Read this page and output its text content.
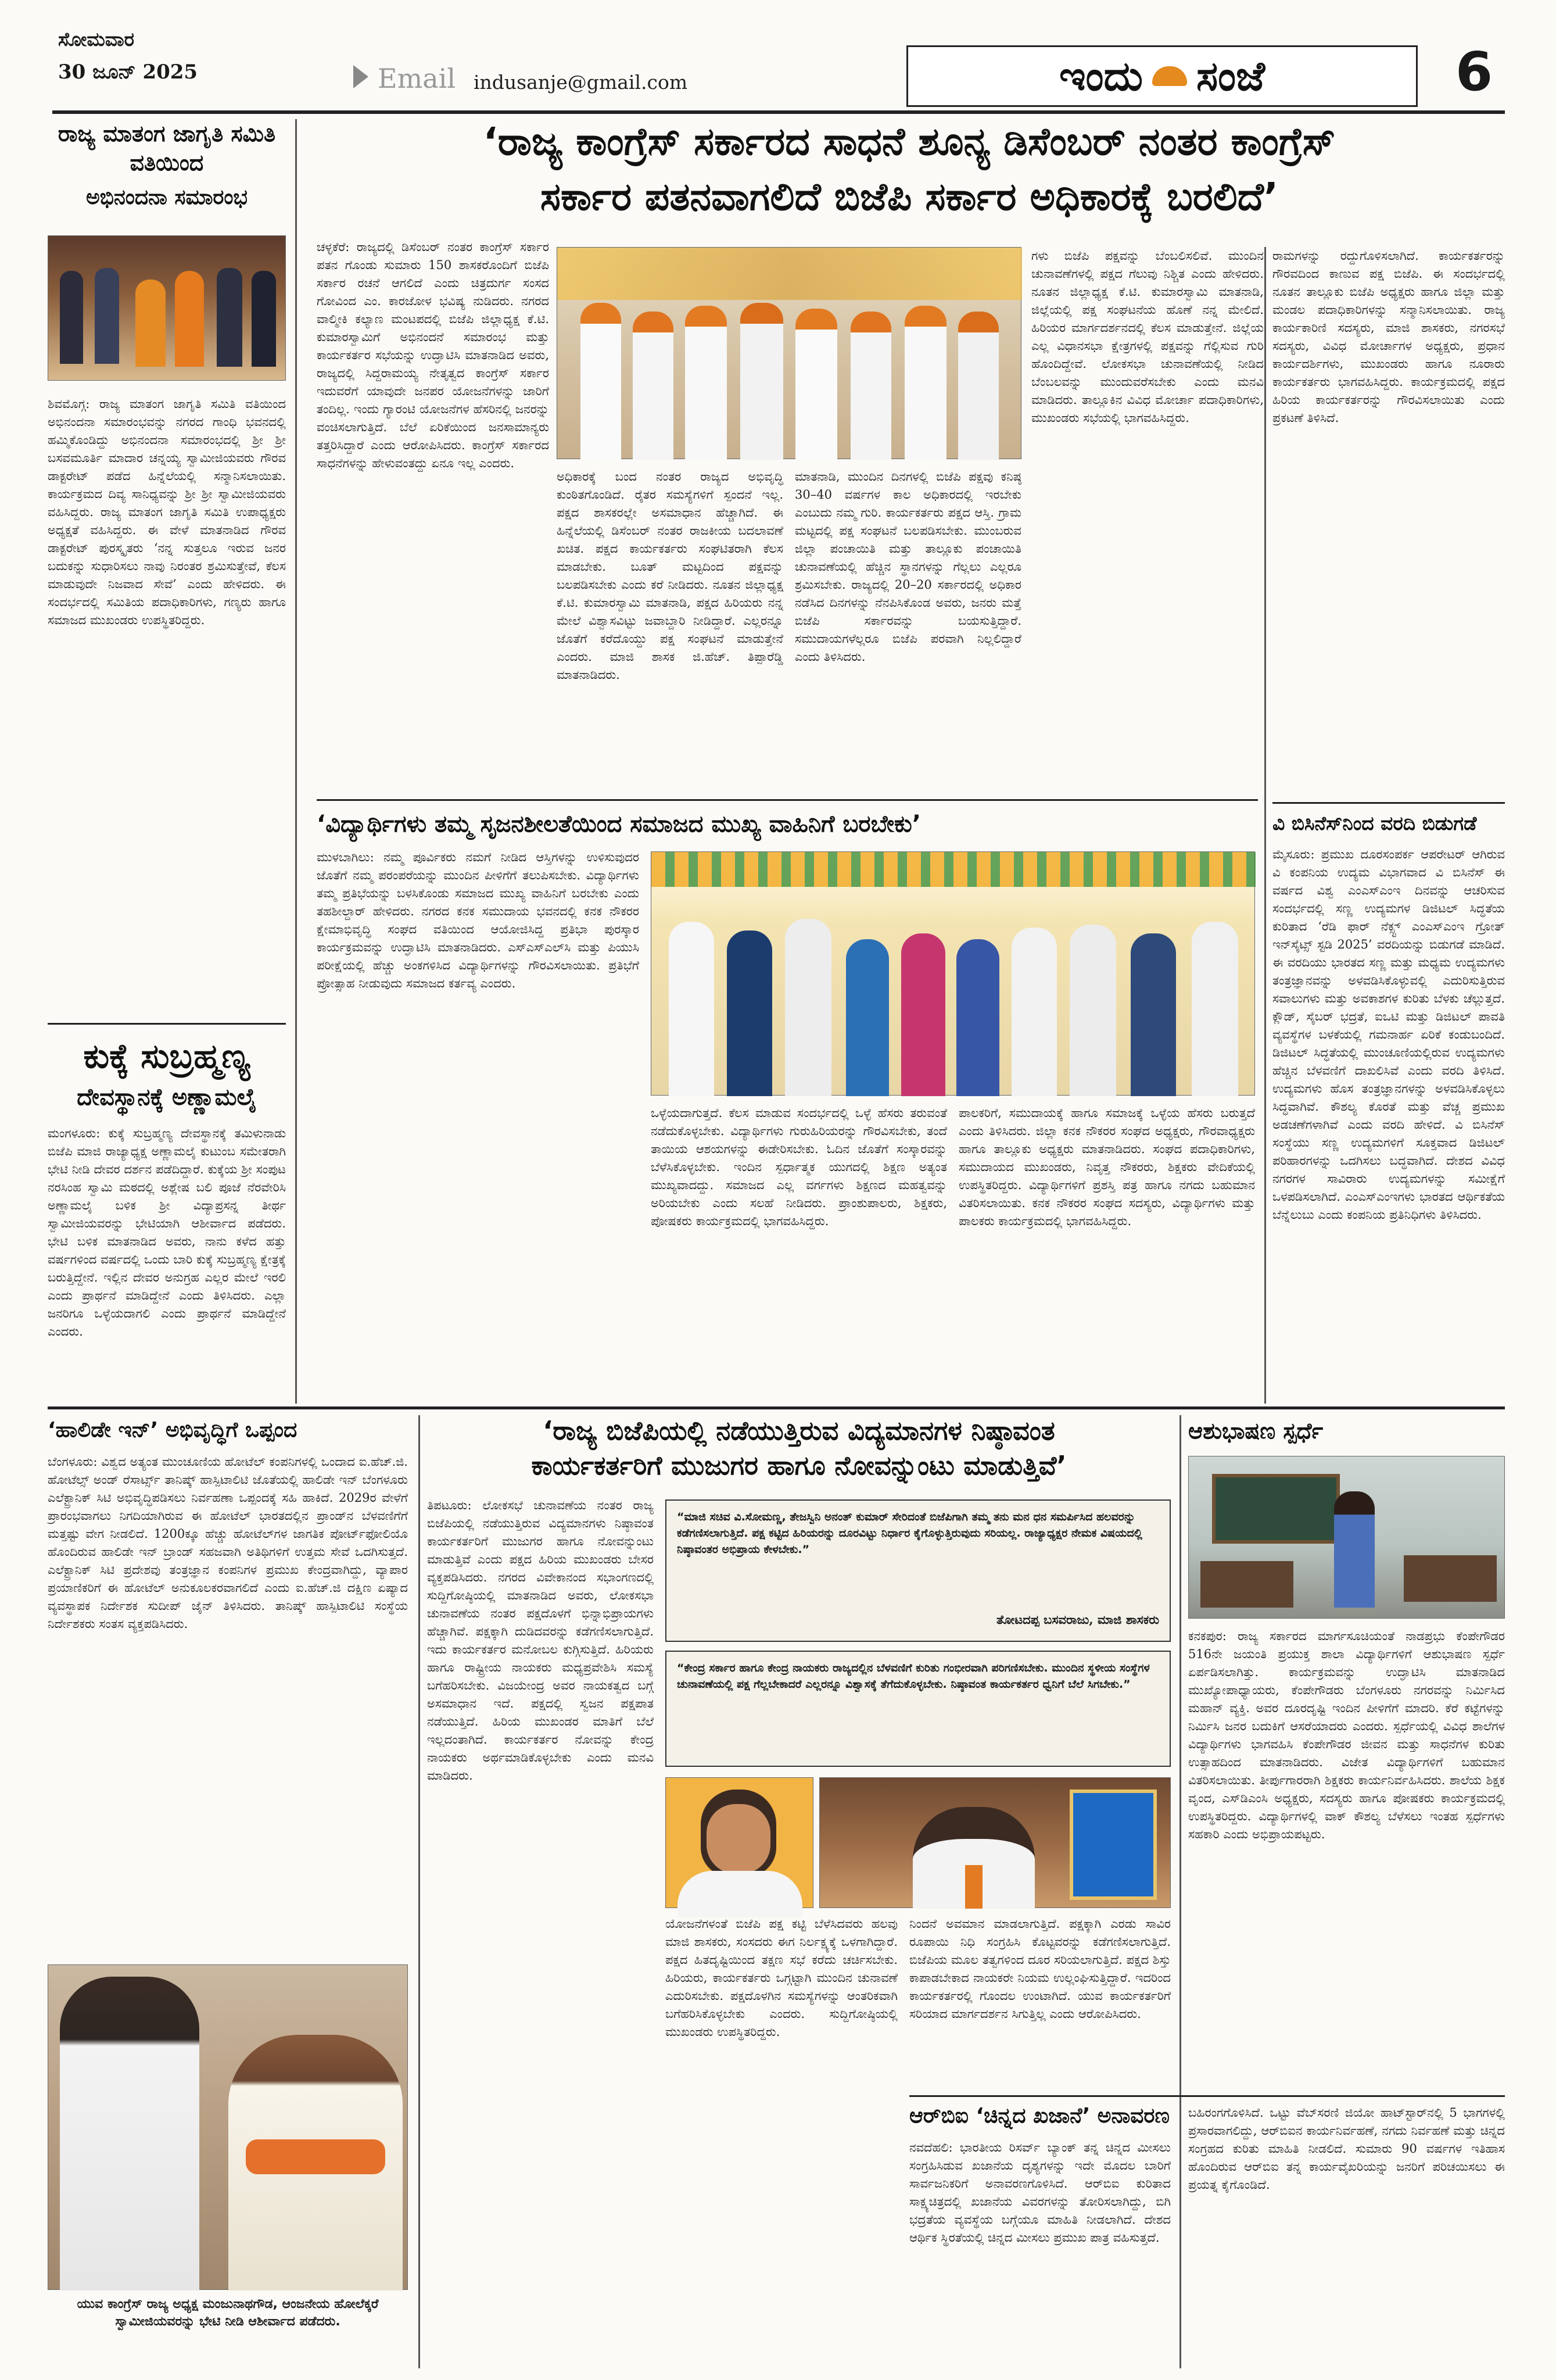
ಸೋಮವಾರ
30 ಜೂನ್ 2025	Email indusanje@gmail.com	ಇಂದು ಸಂಜೆ	6
ರಾಜ್ಯ ಮಾತಂಗ ಜಾಗೃತಿ ಸಮಿತಿ ವತಿಯಿಂದ
ಅಭಿನಂದನಾ ಸಮಾರಂಭ
ಶಿವಮೊಗ್ಗ: ರಾಜ್ಯ ಮಾತಂಗ ಜಾಗೃತಿ ಸಮಿತಿ ವತಿಯಿಂದ ಅಭಿನಂದನಾ ಸಮಾರಂಭವನ್ನು ನಗರದ ಗಾಂಧಿ ಭವನದಲ್ಲಿ ಹಮ್ಮಿಕೊಂಡಿದ್ದು ಅಭಿನಂದನಾ ಸಮಾರಂಭದಲ್ಲಿ ಶ್ರೀ ಶ್ರೀ ಬಸವಮೂರ್ತಿ ಮಾದಾರ ಚನ್ನಯ್ಯ ಸ್ವಾಮೀಜಿಯವರು ಗೌರವ ಡಾಕ್ಟರೇಟ್ ಪಡೆದ ಹಿನ್ನೆಲೆಯಲ್ಲಿ ಸನ್ಮಾನಿಸಲಾಯಿತು. ಕಾರ್ಯಕ್ರಮದ ದಿವ್ಯ ಸಾನಿಧ್ಯವನ್ನು ಶ್ರೀ ಶ್ರೀ ಸ್ವಾಮೀಜಿಯವರು ವಹಿಸಿದ್ದರು. ರಾಜ್ಯ ಮಾತಂಗ ಜಾಗೃತಿ ಸಮಿತಿ ಉಪಾಧ್ಯಕ್ಷರು ಅಧ್ಯಕ್ಷತೆ ವಹಿಸಿದ್ದರು. ಈ ವೇಳೆ ಮಾತನಾಡಿದ ಗೌರವ ಡಾಕ್ಟರೇಟ್ ಪುರಸ್ಕೃತರು ‘ನನ್ನ ಸುತ್ತಲೂ ಇರುವ ಜನರ ಬದುಕನ್ನು ಸುಧಾರಿಸಲು ನಾವು ನಿರಂತರ ಶ್ರಮಿಸುತ್ತೇವೆ, ಕೆಲಸ ಮಾಡುವುದೇ ನಿಜವಾದ ಸೇವೆ’ ಎಂದು ಹೇಳಿದರು. ಈ ಸಂದರ್ಭದಲ್ಲಿ ಸಮಿತಿಯ ಪದಾಧಿಕಾರಿಗಳು, ಗಣ್ಯರು ಹಾಗೂ ಸಮಾಜದ ಮುಖಂಡರು ಉಪಸ್ಥಿತರಿದ್ದರು.
ಕುಕ್ಕೆ ಸುಬ್ರಹ್ಮಣ್ಯ
ದೇವಸ್ಥಾನಕ್ಕೆ ಅಣ್ಣಾಮಲೈ
ಮಂಗಳೂರು: ಕುಕ್ಕೆ ಸುಬ್ರಹ್ಮಣ್ಯ ದೇವಸ್ಥಾನಕ್ಕೆ ತಮಿಳುನಾಡು ಬಿಜೆಪಿ ಮಾಜಿ ರಾಜ್ಯಾಧ್ಯಕ್ಷ ಅಣ್ಣಾಮಲೈ ಕುಟುಂಬ ಸಮೇತರಾಗಿ ಭೇಟಿ ನೀಡಿ ದೇವರ ದರ್ಶನ ಪಡೆದಿದ್ದಾರೆ. ಕುಕ್ಕೆಯ ಶ್ರೀ ಸಂಪುಟ ನರಸಿಂಹ ಸ್ವಾಮಿ ಮಠದಲ್ಲಿ ಅಶ್ಲೇಷ ಬಲಿ ಪೂಜೆ ನೆರವೇರಿಸಿ ಅಣ್ಣಾಮಲೈ ಬಳಿಕ ಶ್ರೀ ವಿದ್ಯಾಪ್ರಸನ್ನ ತೀರ್ಥ ಸ್ವಾಮೀಜಿಯವರನ್ನು ಭೇಟಿಯಾಗಿ ಆಶೀರ್ವಾದ ಪಡೆದರು. ಭೇಟಿ ಬಳಿಕ ಮಾತನಾಡಿದ ಅವರು, ನಾನು ಕಳೆದ ಹತ್ತು ವರ್ಷಗಳಿಂದ ವರ್ಷದಲ್ಲಿ ಒಂದು ಬಾರಿ ಕುಕ್ಕೆ ಸುಬ್ರಹ್ಮಣ್ಯ ಕ್ಷೇತ್ರಕ್ಕೆ ಬರುತ್ತಿದ್ದೇನೆ. ಇಲ್ಲಿನ ದೇವರ ಅನುಗ್ರಹ ಎಲ್ಲರ ಮೇಲೆ ಇರಲಿ ಎಂದು ಪ್ರಾರ್ಥನೆ ಮಾಡಿದ್ದೇನೆ ಎಂದು ತಿಳಿಸಿದರು. ಎಲ್ಲಾ ಜನರಿಗೂ ಒಳ್ಳೆಯದಾಗಲಿ ಎಂದು ಪ್ರಾರ್ಥನೆ ಮಾಡಿದ್ದೇನೆ ಎಂದರು.
‘ರಾಜ್ಯ ಕಾಂಗ್ರೆಸ್ ಸರ್ಕಾರದ ಸಾಧನೆ ಶೂನ್ಯ ಡಿಸೆಂಬರ್ ನಂತರ ಕಾಂಗ್ರೆಸ್
ಸರ್ಕಾರ ಪತನವಾಗಲಿದೆ ಬಿಜೆಪಿ ಸರ್ಕಾರ ಅಧಿಕಾರಕ್ಕೆ ಬರಲಿದೆ’
ಚಳ್ಳಕೆರೆ: ರಾಜ್ಯದಲ್ಲಿ ಡಿಸೆಂಬರ್ ನಂತರ ಕಾಂಗ್ರೆಸ್ ಸರ್ಕಾರ ಪತನ ಗೊಂಡು ಸುಮಾರು 150 ಶಾಸಕರೊಂದಿಗೆ ಬಿಜೆಪಿ ಸರ್ಕಾರ ರಚನೆ ಆಗಲಿದೆ ಎಂದು ಚಿತ್ರದುರ್ಗ ಸಂಸದ ಗೋವಿಂದ ಎಂ. ಕಾರಜೋಳ ಭವಿಷ್ಯ ನುಡಿದರು. ನಗರದ ವಾಲ್ಮೀಕಿ ಕಲ್ಯಾಣ ಮಂಟಪದಲ್ಲಿ ಬಿಜೆಪಿ ಜಿಲ್ಲಾಧ್ಯಕ್ಷ ಕೆ.ಟಿ. ಕುಮಾರಸ್ವಾಮಿಗೆ ಅಭಿನಂದನೆ ಸಮಾರಂಭ ಮತ್ತು ಕಾರ್ಯಕರ್ತರ ಸಭೆಯನ್ನು ಉದ್ಘಾಟಿಸಿ ಮಾತನಾಡಿದ ಅವರು, ರಾಜ್ಯದಲ್ಲಿ ಸಿದ್ದರಾಮಯ್ಯ ನೇತೃತ್ವದ ಕಾಂಗ್ರೆಸ್ ಸರ್ಕಾರ ಇದುವರೆಗೆ ಯಾವುದೇ ಜನಪರ ಯೋಜನೆಗಳನ್ನು ಜಾರಿಗೆ ತಂದಿಲ್ಲ. ಇಂದು ಗ್ಯಾರಂಟಿ ಯೋಜನೆಗಳ ಹೆಸರಿನಲ್ಲಿ ಜನರನ್ನು ವಂಚಿಸಲಾಗುತ್ತಿದೆ. ಬೆಲೆ ಏರಿಕೆಯಿಂದ ಜನಸಾಮಾನ್ಯರು ತತ್ತರಿಸಿದ್ದಾರೆ ಎಂದು ಆರೋಪಿಸಿದರು. ಕಾಂಗ್ರೆಸ್ ಸರ್ಕಾರದ ಸಾಧನೆಗಳನ್ನು ಹೇಳುವಂತದ್ದು ಏನೂ ಇಲ್ಲ ಎಂದರು.
ಅಧಿಕಾರಕ್ಕೆ ಬಂದ ನಂತರ ರಾಜ್ಯದ ಅಭಿವೃದ್ಧಿ ಕುಂಠಿತಗೊಂಡಿದೆ. ರೈತರ ಸಮಸ್ಯೆಗಳಿಗೆ ಸ್ಪಂದನೆ ಇಲ್ಲ. ಪಕ್ಷದ ಶಾಸಕರಲ್ಲೇ ಅಸಮಾಧಾನ ಹೆಚ್ಚಾಗಿದೆ. ಈ ಹಿನ್ನೆಲೆಯಲ್ಲಿ ಡಿಸೆಂಬರ್ ನಂತರ ರಾಜಕೀಯ ಬದಲಾವಣೆ ಖಚಿತ. ಪಕ್ಷದ ಕಾರ್ಯಕರ್ತರು ಸಂಘಟಿತರಾಗಿ ಕೆಲಸ ಮಾಡಬೇಕು. ಬೂತ್ ಮಟ್ಟದಿಂದ ಪಕ್ಷವನ್ನು ಬಲಪಡಿಸಬೇಕು ಎಂದು ಕರೆ ನೀಡಿದರು. ನೂತನ ಜಿಲ್ಲಾಧ್ಯಕ್ಷ ಕೆ.ಟಿ. ಕುಮಾರಸ್ವಾಮಿ ಮಾತನಾಡಿ, ಪಕ್ಷದ ಹಿರಿಯರು ನನ್ನ ಮೇಲೆ ವಿಶ್ವಾಸವಿಟ್ಟು ಜವಾಬ್ದಾರಿ ನೀಡಿದ್ದಾರೆ. ಎಲ್ಲರನ್ನೂ ಜೊತೆಗೆ ಕರೆದೊಯ್ದು ಪಕ್ಷ ಸಂಘಟನೆ ಮಾಡುತ್ತೇನೆ ಎಂದರು. ಮಾಜಿ ಶಾಸಕ ಜಿ.ಹೆಚ್. ತಿಪ್ಪಾರೆಡ್ಡಿ ಮಾತನಾಡಿದರು.
ಮಾತನಾಡಿ, ಮುಂದಿನ ದಿನಗಳಲ್ಲಿ ಬಿಜೆಪಿ ಪಕ್ಷವು ಕನಿಷ್ಠ 30–40 ವರ್ಷಗಳ ಕಾಲ ಅಧಿಕಾರದಲ್ಲಿ ಇರಬೇಕು ಎಂಬುದು ನಮ್ಮ ಗುರಿ. ಕಾರ್ಯಕರ್ತರು ಪಕ್ಷದ ಆಸ್ತಿ. ಗ್ರಾಮ ಮಟ್ಟದಲ್ಲಿ ಪಕ್ಷ ಸಂಘಟನೆ ಬಲಪಡಿಸಬೇಕು. ಮುಂಬರುವ ಜಿಲ್ಲಾ ಪಂಚಾಯಿತಿ ಮತ್ತು ತಾಲ್ಲೂಕು ಪಂಚಾಯಿತಿ ಚುನಾವಣೆಯಲ್ಲಿ ಹೆಚ್ಚಿನ ಸ್ಥಾನಗಳನ್ನು ಗೆಲ್ಲಲು ಎಲ್ಲರೂ ಶ್ರಮಿಸಬೇಕು. ರಾಜ್ಯದಲ್ಲಿ 20–20 ಸರ್ಕಾರದಲ್ಲಿ ಅಧಿಕಾರ ನಡೆಸಿದ ದಿನಗಳನ್ನು ನೆನಪಿಸಿಕೊಂಡ ಅವರು, ಜನರು ಮತ್ತೆ ಬಿಜೆಪಿ ಸರ್ಕಾರವನ್ನು ಬಯಸುತ್ತಿದ್ದಾರೆ. ಸಮುದಾಯಗಳೆಲ್ಲರೂ ಬಿಜೆಪಿ ಪರವಾಗಿ ನಿಲ್ಲಲಿದ್ದಾರೆ ಎಂದು ತಿಳಿಸಿದರು.
ಗಳು ಬಿಜೆಪಿ ಪಕ್ಷವನ್ನು ಬೆಂಬಲಿಸಲಿವೆ. ಮುಂದಿನ ಚುನಾವಣೆಗಳಲ್ಲಿ ಪಕ್ಷದ ಗೆಲುವು ನಿಶ್ಚಿತ ಎಂದು ಹೇಳಿದರು. ನೂತನ ಜಿಲ್ಲಾಧ್ಯಕ್ಷ ಕೆ.ಟಿ. ಕುಮಾರಸ್ವಾಮಿ ಮಾತನಾಡಿ, ಜಿಲ್ಲೆಯಲ್ಲಿ ಪಕ್ಷ ಸಂಘಟನೆಯ ಹೊಣೆ ನನ್ನ ಮೇಲಿದೆ. ಹಿರಿಯರ ಮಾರ್ಗದರ್ಶನದಲ್ಲಿ ಕೆಲಸ ಮಾಡುತ್ತೇನೆ. ಜಿಲ್ಲೆಯ ಎಲ್ಲ ವಿಧಾನಸಭಾ ಕ್ಷೇತ್ರಗಳಲ್ಲಿ ಪಕ್ಷವನ್ನು ಗೆಲ್ಲಿಸುವ ಗುರಿ ಹೊಂದಿದ್ದೇವೆ. ಲೋಕಸಭಾ ಚುನಾವಣೆಯಲ್ಲಿ ನೀಡಿದ ಬೆಂಬಲವನ್ನು ಮುಂದುವರೆಸಬೇಕು ಎಂದು ಮನವಿ ಮಾಡಿದರು. ತಾಲ್ಲೂಕಿನ ವಿವಿಧ ಮೋರ್ಚಾ ಪದಾಧಿಕಾರಿಗಳು, ಮುಖಂಡರು ಸಭೆಯಲ್ಲಿ ಭಾಗವಹಿಸಿದ್ದರು.
ರಾಮಗಳನ್ನು ರದ್ದುಗೊಳಿಸಲಾಗಿದೆ. ಕಾರ್ಯಕರ್ತರನ್ನು ಗೌರವದಿಂದ ಕಾಣುವ ಪಕ್ಷ ಬಿಜೆಪಿ. ಈ ಸಂದರ್ಭದಲ್ಲಿ ನೂತನ ತಾಲ್ಲೂಕು ಬಿಜೆಪಿ ಅಧ್ಯಕ್ಷರು ಹಾಗೂ ಜಿಲ್ಲಾ ಮತ್ತು ಮಂಡಲ ಪದಾಧಿಕಾರಿಗಳನ್ನು ಸನ್ಮಾನಿಸಲಾಯಿತು. ರಾಜ್ಯ ಕಾರ್ಯಕಾರಿಣಿ ಸದಸ್ಯರು, ಮಾಜಿ ಶಾಸಕರು, ನಗರಸಭೆ ಸದಸ್ಯರು, ವಿವಿಧ ಮೋರ್ಚಾಗಳ ಅಧ್ಯಕ್ಷರು, ಪ್ರಧಾನ ಕಾರ್ಯದರ್ಶಿಗಳು, ಮುಖಂಡರು ಹಾಗೂ ನೂರಾರು ಕಾರ್ಯಕರ್ತರು ಭಾಗವಹಿಸಿದ್ದರು. ಕಾರ್ಯಕ್ರಮದಲ್ಲಿ ಪಕ್ಷದ ಹಿರಿಯ ಕಾರ್ಯಕರ್ತರನ್ನು ಗೌರವಿಸಲಾಯಿತು ಎಂದು ಪ್ರಕಟಣೆ ತಿಳಿಸಿದೆ.
‘ವಿದ್ಯಾರ್ಥಿಗಳು ತಮ್ಮ ಸೃಜನಶೀಲತೆಯಿಂದ ಸಮಾಜದ ಮುಖ್ಯ ವಾಹಿನಿಗೆ ಬರಬೇಕು’
ಮುಳಬಾಗಿಲು: ನಮ್ಮ ಪೂರ್ವಿಕರು ನಮಗೆ ನೀಡಿದ ಆಸ್ತಿಗಳನ್ನು ಉಳಿಸುವುದರ ಜೊತೆಗೆ ನಮ್ಮ ಪರಂಪರೆಯನ್ನು ಮುಂದಿನ ಪೀಳಿಗೆಗೆ ತಲುಪಿಸಬೇಕು. ವಿದ್ಯಾರ್ಥಿಗಳು ತಮ್ಮ ಪ್ರತಿಭೆಯನ್ನು ಬಳಸಿಕೊಂಡು ಸಮಾಜದ ಮುಖ್ಯ ವಾಹಿನಿಗೆ ಬರಬೇಕು ಎಂದು ತಹಶೀಲ್ದಾರ್ ಹೇಳಿದರು. ನಗರದ ಕನಕ ಸಮುದಾಯ ಭವನದಲ್ಲಿ ಕನಕ ನೌಕರರ ಕ್ಷೇಮಾಭಿವೃದ್ಧಿ ಸಂಘದ ವತಿಯಿಂದ ಆಯೋಜಿಸಿದ್ದ ಪ್ರತಿಭಾ ಪುರಸ್ಕಾರ ಕಾರ್ಯಕ್ರಮವನ್ನು ಉದ್ಘಾಟಿಸಿ ಮಾತನಾಡಿದರು. ಎಸ್‌ಎಸ್‌ಎಲ್‌ಸಿ ಮತ್ತು ಪಿಯುಸಿ ಪರೀಕ್ಷೆಯಲ್ಲಿ ಹೆಚ್ಚು ಅಂಕಗಳಿಸಿದ ವಿದ್ಯಾರ್ಥಿಗಳನ್ನು ಗೌರವಿಸಲಾಯಿತು. ಪ್ರತಿಭೆಗೆ ಪ್ರೋತ್ಸಾಹ ನೀಡುವುದು ಸಮಾಜದ ಕರ್ತವ್ಯ ಎಂದರು.
ಒಳ್ಳೆಯದಾಗುತ್ತದೆ. ಕೆಲಸ ಮಾಡುವ ಸಂದರ್ಭದಲ್ಲಿ ಒಳ್ಳೆ ಹೆಸರು ತರುವಂತೆ ನಡೆದುಕೊಳ್ಳಬೇಕು. ವಿದ್ಯಾರ್ಥಿಗಳು ಗುರುಹಿರಿಯರನ್ನು ಗೌರವಿಸಬೇಕು, ತಂದೆ ತಾಯಿಯ ಆಶಯಗಳನ್ನು ಈಡೇರಿಸಬೇಕು. ಓದಿನ ಜೊತೆಗೆ ಸಂಸ್ಕಾರವನ್ನು ಬೆಳೆಸಿಕೊಳ್ಳಬೇಕು. ಇಂದಿನ ಸ್ಪರ್ಧಾತ್ಮಕ ಯುಗದಲ್ಲಿ ಶಿಕ್ಷಣ ಅತ್ಯಂತ ಮುಖ್ಯವಾದದ್ದು. ಸಮಾಜದ ಎಲ್ಲ ವರ್ಗಗಳು ಶಿಕ್ಷಣದ ಮಹತ್ವವನ್ನು ಅರಿಯಬೇಕು ಎಂದು ಸಲಹೆ ನೀಡಿದರು. ಪ್ರಾಂಶುಪಾಲರು, ಶಿಕ್ಷಕರು, ಪೋಷಕರು ಕಾರ್ಯಕ್ರಮದಲ್ಲಿ ಭಾಗವಹಿಸಿದ್ದರು.
ಪಾಲಕರಿಗೆ, ಸಮುದಾಯಕ್ಕೆ ಹಾಗೂ ಸಮಾಜಕ್ಕೆ ಒಳ್ಳೆಯ ಹೆಸರು ಬರುತ್ತದೆ ಎಂದು ತಿಳಿಸಿದರು. ಜಿಲ್ಲಾ ಕನಕ ನೌಕರರ ಸಂಘದ ಅಧ್ಯಕ್ಷರು, ಗೌರವಾಧ್ಯಕ್ಷರು ಹಾಗೂ ತಾಲ್ಲೂಕು ಅಧ್ಯಕ್ಷರು ಮಾತನಾಡಿದರು. ಸಂಘದ ಪದಾಧಿಕಾರಿಗಳು, ಸಮುದಾಯದ ಮುಖಂಡರು, ನಿವೃತ್ತ ನೌಕರರು, ಶಿಕ್ಷಕರು ವೇದಿಕೆಯಲ್ಲಿ ಉಪಸ್ಥಿತರಿದ್ದರು. ವಿದ್ಯಾರ್ಥಿಗಳಿಗೆ ಪ್ರಶಸ್ತಿ ಪತ್ರ ಹಾಗೂ ನಗದು ಬಹುಮಾನ ವಿತರಿಸಲಾಯಿತು. ಕನಕ ನೌಕರರ ಸಂಘದ ಸದಸ್ಯರು, ವಿದ್ಯಾರ್ಥಿಗಳು ಮತ್ತು ಪಾಲಕರು ಕಾರ್ಯಕ್ರಮದಲ್ಲಿ ಭಾಗವಹಿಸಿದ್ದರು.
ವಿ ಬಿಸಿನೆಸ್‌ನಿಂದ ವರದಿ ಬಿಡುಗಡೆ
ಮೈಸೂರು: ಪ್ರಮುಖ ದೂರಸಂಪರ್ಕ ಆಪರೇಟರ್ ಆಗಿರುವ ವಿ ಕಂಪನಿಯ ಉದ್ಯಮ ವಿಭಾಗವಾದ ವಿ ಬಿಸಿನೆಸ್ ಈ ವರ್ಷದ ವಿಶ್ವ ಎಂಎಸ್‌ಎಂಇ ದಿನವನ್ನು ಆಚರಿಸುವ ಸಂದರ್ಭದಲ್ಲಿ ಸಣ್ಣ ಉದ್ಯಮಗಳ ಡಿಜಿಟಲ್ ಸಿದ್ಧತೆಯ ಕುರಿತಾದ ‘ರೆಡಿ ಫಾರ್ ನೆಕ್ಸ್ಟ್ ಎಂಎಸ್‌ಎಂಇ ಗ್ರೋತ್ ಇನ್‌ಸೈಟ್ಸ್ ಸ್ಟಡಿ 2025’ ವರದಿಯನ್ನು ಬಿಡುಗಡೆ ಮಾಡಿದೆ. ಈ ವರದಿಯು ಭಾರತದ ಸಣ್ಣ ಮತ್ತು ಮಧ್ಯಮ ಉದ್ಯಮಗಳು ತಂತ್ರಜ್ಞಾನವನ್ನು ಅಳವಡಿಸಿಕೊಳ್ಳುವಲ್ಲಿ ಎದುರಿಸುತ್ತಿರುವ ಸವಾಲುಗಳು ಮತ್ತು ಅವಕಾಶಗಳ ಕುರಿತು ಬೆಳಕು ಚೆಲ್ಲುತ್ತದೆ. ಕ್ಲೌಡ್, ಸೈಬರ್ ಭದ್ರತೆ, ಐಒಟಿ ಮತ್ತು ಡಿಜಿಟಲ್ ಪಾವತಿ ವ್ಯವಸ್ಥೆಗಳ ಬಳಕೆಯಲ್ಲಿ ಗಮನಾರ್ಹ ಏರಿಕೆ ಕಂಡುಬಂದಿದೆ. ಡಿಜಿಟಲ್ ಸಿದ್ಧತೆಯಲ್ಲಿ ಮುಂಚೂಣಿಯಲ್ಲಿರುವ ಉದ್ಯಮಗಳು ಹೆಚ್ಚಿನ ಬೆಳವಣಿಗೆ ದಾಖಲಿಸಿವೆ ಎಂದು ವರದಿ ತಿಳಿಸಿದೆ. ಉದ್ಯಮಗಳು ಹೊಸ ತಂತ್ರಜ್ಞಾನಗಳನ್ನು ಅಳವಡಿಸಿಕೊಳ್ಳಲು ಸಿದ್ಧವಾಗಿವೆ. ಕೌಶಲ್ಯ ಕೊರತೆ ಮತ್ತು ವೆಚ್ಚ ಪ್ರಮುಖ ಅಡಚಣೆಗಳಾಗಿವೆ ಎಂದು ವರದಿ ಹೇಳಿದೆ. ವಿ ಬಿಸಿನೆಸ್ ಸಂಸ್ಥೆಯು ಸಣ್ಣ ಉದ್ಯಮಗಳಿಗೆ ಸೂಕ್ತವಾದ ಡಿಜಿಟಲ್ ಪರಿಹಾರಗಳನ್ನು ಒದಗಿಸಲು ಬದ್ಧವಾಗಿದೆ. ದೇಶದ ವಿವಿಧ ನಗರಗಳ ಸಾವಿರಾರು ಉದ್ಯಮಗಳನ್ನು ಸಮೀಕ್ಷೆಗೆ ಒಳಪಡಿಸಲಾಗಿದೆ. ಎಂಎಸ್‌ಎಂಇಗಳು ಭಾರತದ ಆರ್ಥಿಕತೆಯ ಬೆನ್ನೆಲುಬು ಎಂದು ಕಂಪನಿಯ ಪ್ರತಿನಿಧಿಗಳು ತಿಳಿಸಿದರು.
‘ಹಾಲಿಡೇ ಇನ್’ ಅಭಿವೃದ್ಧಿಗೆ ಒಪ್ಪಂದ
ಬೆಂಗಳೂರು: ವಿಶ್ವದ ಅತ್ಯಂತ ಮುಂಚೂಣಿಯ ಹೋಟೆಲ್ ಕಂಪನಿಗಳಲ್ಲಿ ಒಂದಾದ ಐ.ಹೆಚ್.ಜಿ. ಹೋಟೆಲ್ಸ್ ಅಂಡ್ ರೆಸಾರ್ಟ್ಸ್ ತಾನಿಷ್ಕ್ ಹಾಸ್ಪಿಟಾಲಿಟಿ ಜೊತೆಯಲ್ಲಿ ಹಾಲಿಡೇ ಇನ್ ಬೆಂಗಳೂರು ಎಲೆಕ್ಟ್ರಾನಿಕ್ ಸಿಟಿ ಅಭಿವೃದ್ಧಿಪಡಿಸಲು ನಿರ್ವಹಣಾ ಒಪ್ಪಂದಕ್ಕೆ ಸಹಿ ಹಾಕಿದೆ. 2029ರ ವೇಳೆಗೆ ಪ್ರಾರಂಭವಾಗಲು ನಿಗದಿಯಾಗಿರುವ ಈ ಹೋಟೆಲ್ ಭಾರತದಲ್ಲಿನ ಪ್ರಾಂಡ್‌ನ ಬೆಳವಣಿಗೆಗೆ ಮತ್ತಷ್ಟು ವೇಗ ನೀಡಲಿದೆ. 1200ಕ್ಕೂ ಹೆಚ್ಚು ಹೋಟೆಲ್‌ಗಳ ಜಾಗತಿಕ ಪೋರ್ಟ್‌ಫೋಲಿಯೊ ಹೊಂದಿರುವ ಹಾಲಿಡೇ ಇನ್ ಬ್ರಾಂಡ್ ಸಹಜವಾಗಿ ಅತಿಥಿಗಳಿಗೆ ಉತ್ತಮ ಸೇವೆ ಒದಗಿಸುತ್ತದೆ. ಎಲೆಕ್ಟ್ರಾನಿಕ್ ಸಿಟಿ ಪ್ರದೇಶವು ತಂತ್ರಜ್ಞಾನ ಕಂಪನಿಗಳ ಪ್ರಮುಖ ಕೇಂದ್ರವಾಗಿದ್ದು, ವ್ಯಾಪಾರ ಪ್ರಯಾಣಿಕರಿಗೆ ಈ ಹೋಟೆಲ್ ಅನುಕೂಲಕರವಾಗಲಿದೆ ಎಂದು ಐ.ಹೆಚ್.ಜಿ ದಕ್ಷಿಣ ಏಷ್ಯಾದ ವ್ಯವಸ್ಥಾಪಕ ನಿರ್ದೇಶಕ ಸುದೀಪ್ ಜೈನ್ ತಿಳಿಸಿದರು. ತಾನಿಷ್ಕ್ ಹಾಸ್ಪಿಟಾಲಿಟಿ ಸಂಸ್ಥೆಯ ನಿರ್ದೇಶಕರು ಸಂತಸ ವ್ಯಕ್ತಪಡಿಸಿದರು.
ಯುವ ಕಾಂಗ್ರೆಸ್ ರಾಜ್ಯ ಅಧ್ಯಕ್ಷ ಮಂಜುನಾಥಗೌಡ, ಆಂಜನೇಯ ಹೋಲೆಕ್ಕರೆ ಸ್ವಾಮೀಜಿಯವರನ್ನು ಭೇಟಿ ನೀಡಿ ಆಶೀರ್ವಾದ ಪಡೆದರು.
‘ರಾಜ್ಯ ಬಿಜೆಪಿಯಲ್ಲಿ ನಡೆಯುತ್ತಿರುವ ವಿದ್ಯಮಾನಗಳ ನಿಷ್ಠಾವಂತ
ಕಾರ್ಯಕರ್ತರಿಗೆ ಮುಜುಗರ ಹಾಗೂ ನೋವನ್ನುಂಟು ಮಾಡುತ್ತಿವೆ’
ತಿಪಟೂರು: ಲೋಕಸಭೆ ಚುನಾವಣೆಯ ನಂತರ ರಾಜ್ಯ ಬಿಜೆಪಿಯಲ್ಲಿ ನಡೆಯುತ್ತಿರುವ ವಿದ್ಯಮಾನಗಳು ನಿಷ್ಠಾವಂತ ಕಾರ್ಯಕರ್ತರಿಗೆ ಮುಜುಗರ ಹಾಗೂ ನೋವನ್ನುಂಟು ಮಾಡುತ್ತಿವೆ ಎಂದು ಪಕ್ಷದ ಹಿರಿಯ ಮುಖಂಡರು ಬೇಸರ ವ್ಯಕ್ತಪಡಿಸಿದರು. ನಗರದ ವಿವೇಕಾನಂದ ಸಭಾಂಗಣದಲ್ಲಿ ಸುದ್ದಿಗೋಷ್ಠಿಯಲ್ಲಿ ಮಾತನಾಡಿದ ಅವರು, ಲೋಕಸಭಾ ಚುನಾವಣೆಯ ನಂತರ ಪಕ್ಷದೊಳಗೆ ಭಿನ್ನಾಭಿಪ್ರಾಯಗಳು ಹೆಚ್ಚಾಗಿವೆ. ಪಕ್ಷಕ್ಕಾಗಿ ದುಡಿದವರನ್ನು ಕಡೆಗಣಿಸಲಾಗುತ್ತಿದೆ. ಇದು ಕಾರ್ಯಕರ್ತರ ಮನೋಬಲ ಕುಗ್ಗಿಸುತ್ತಿದೆ. ಹಿರಿಯರು ಹಾಗೂ ರಾಷ್ಟ್ರೀಯ ನಾಯಕರು ಮಧ್ಯಪ್ರವೇಶಿಸಿ ಸಮಸ್ಯೆ ಬಗೆಹರಿಸಬೇಕು. ವಿಜಯೇಂದ್ರ ಅವರ ನಾಯಕತ್ವದ ಬಗ್ಗೆ ಅಸಮಾಧಾನ ಇದೆ. ಪಕ್ಷದಲ್ಲಿ ಸ್ವಜನ ಪಕ್ಷಪಾತ ನಡೆಯುತ್ತಿದೆ. ಹಿರಿಯ ಮುಖಂಡರ ಮಾತಿಗೆ ಬೆಲೆ ಇಲ್ಲದಂತಾಗಿದೆ. ಕಾರ್ಯಕರ್ತರ ನೋವನ್ನು ಕೇಂದ್ರ ನಾಯಕರು ಅರ್ಥಮಾಡಿಕೊಳ್ಳಬೇಕು ಎಂದು ಮನವಿ ಮಾಡಿದರು.
“ಮಾಜಿ ಸಚಿವ ವಿ.ಸೋಮಣ್ಣ, ತೇಜಸ್ವಿನಿ ಅನಂತ್ ಕುಮಾರ್ ಸೇರಿದಂತೆ ಬಿಜೆಪಿಗಾಗಿ ತಮ್ಮ ತನು ಮನ ಧನ ಸಮರ್ಪಿಸಿದ ಹಲವರನ್ನು ಕಡೆಗಣಿಸಲಾಗುತ್ತಿದೆ. ಪಕ್ಷ ಕಟ್ಟಿದ ಹಿರಿಯರನ್ನು ದೂರವಿಟ್ಟು ನಿರ್ಧಾರ ಕೈಗೊಳ್ಳುತ್ತಿರುವುದು ಸರಿಯಲ್ಲ. ರಾಜ್ಯಾಧ್ಯಕ್ಷರ ನೇಮಕ ವಿಷಯದಲ್ಲಿ ನಿಷ್ಠಾವಂತರ ಅಭಿಪ್ರಾಯ ಕೇಳಬೇಕು.”
ತೋಟದಪ್ಪ ಬಸವರಾಜು, ಮಾಜಿ ಶಾಸಕರು
“ಕೇಂದ್ರ ಸರ್ಕಾರ ಹಾಗೂ ಕೇಂದ್ರ ನಾಯಕರು ರಾಜ್ಯದಲ್ಲಿನ ಬೆಳವಣಿಗೆ ಕುರಿತು ಗಂಭೀರವಾಗಿ ಪರಿಗಣಿಸಬೇಕು. ಮುಂದಿನ ಸ್ಥಳೀಯ ಸಂಸ್ಥೆಗಳ ಚುನಾವಣೆಯಲ್ಲಿ ಪಕ್ಷ ಗೆಲ್ಲಬೇಕಾದರೆ ಎಲ್ಲರನ್ನೂ ವಿಶ್ವಾಸಕ್ಕೆ ತೆಗೆದುಕೊಳ್ಳಬೇಕು. ನಿಷ್ಠಾವಂತ ಕಾರ್ಯಕರ್ತರ ಧ್ವನಿಗೆ ಬೆಲೆ ಸಿಗಬೇಕು.”
ನಿಂದನೆ ಅವಮಾನ ಮಾಡಲಾಗುತ್ತಿದೆ. ಪಕ್ಷಕ್ಕಾಗಿ ಎರಡು ಸಾವಿರ ರೂಪಾಯಿ ನಿಧಿ ಸಂಗ್ರಹಿಸಿ ಕೊಟ್ಟವರನ್ನು ಕಡೆಗಣಿಸಲಾಗುತ್ತಿದೆ. ಬಿಜೆಪಿಯ ಮೂಲ ತತ್ವಗಳಿಂದ ದೂರ ಸರಿಯಲಾಗುತ್ತಿದೆ. ಪಕ್ಷದ ಶಿಸ್ತು ಕಾಪಾಡಬೇಕಾದ ನಾಯಕರೇ ನಿಯಮ ಉಲ್ಲಂಘಿಸುತ್ತಿದ್ದಾರೆ. ಇದರಿಂದ ಕಾರ್ಯಕರ್ತರಲ್ಲಿ ಗೊಂದಲ ಉಂಟಾಗಿದೆ. ಯುವ ಕಾರ್ಯಕರ್ತರಿಗೆ ಸರಿಯಾದ ಮಾರ್ಗದರ್ಶನ ಸಿಗುತ್ತಿಲ್ಲ ಎಂದು ಆರೋಪಿಸಿದರು.
ಯೋಜನೆಗಳಂತೆ ಬಿಜೆಪಿ ಪಕ್ಷ ಕಟ್ಟಿ ಬೆಳೆಸಿದವರು ಹಲವು ಮಾಜಿ ಶಾಸಕರು, ಸಂಸದರು ಈಗ ನಿರ್ಲಕ್ಷ್ಯಕ್ಕೆ ಒಳಗಾಗಿದ್ದಾರೆ. ಪಕ್ಷದ ಹಿತದೃಷ್ಟಿಯಿಂದ ತಕ್ಷಣ ಸಭೆ ಕರೆದು ಚರ್ಚಿಸಬೇಕು. ಹಿರಿಯರು, ಕಾರ್ಯಕರ್ತರು ಒಗ್ಗಟ್ಟಾಗಿ ಮುಂದಿನ ಚುನಾವಣೆ ಎದುರಿಸಬೇಕು. ಪಕ್ಷದೊಳಗಿನ ಸಮಸ್ಯೆಗಳನ್ನು ಆಂತರಿಕವಾಗಿ ಬಗೆಹರಿಸಿಕೊಳ್ಳಬೇಕು ಎಂದರು. ಸುದ್ದಿಗೋಷ್ಠಿಯಲ್ಲಿ ಮುಖಂಡರು ಉಪಸ್ಥಿತರಿದ್ದರು.
ಆಶುಭಾಷಣ ಸ್ಪರ್ಧೆ
ಕನಕಪುರ: ರಾಜ್ಯ ಸರ್ಕಾರದ ಮಾರ್ಗಸೂಚಿಯಂತೆ ನಾಡಪ್ರಭು ಕೆಂಪೇಗೌಡರ 516ನೇ ಜಯಂತಿ ಪ್ರಯುಕ್ತ ಶಾಲಾ ವಿದ್ಯಾರ್ಥಿಗಳಿಗೆ ಆಶುಭಾಷಣ ಸ್ಪರ್ಧೆ ಏರ್ಪಡಿಸಲಾಗಿತ್ತು. ಕಾರ್ಯಕ್ರಮವನ್ನು ಉದ್ಘಾಟಿಸಿ ಮಾತನಾಡಿದ ಮುಖ್ಯೋಪಾಧ್ಯಾಯರು, ಕೆಂಪೇಗೌಡರು ಬೆಂಗಳೂರು ನಗರವನ್ನು ನಿರ್ಮಿಸಿದ ಮಹಾನ್ ವ್ಯಕ್ತಿ. ಅವರ ದೂರದೃಷ್ಟಿ ಇಂದಿನ ಪೀಳಿಗೆಗೆ ಮಾದರಿ. ಕೆರೆ ಕಟ್ಟೆಗಳನ್ನು ನಿರ್ಮಿಸಿ ಜನರ ಬದುಕಿಗೆ ಆಸರೆಯಾದರು ಎಂದರು. ಸ್ಪರ್ಧೆಯಲ್ಲಿ ವಿವಿಧ ಶಾಲೆಗಳ ವಿದ್ಯಾರ್ಥಿಗಳು ಭಾಗವಹಿಸಿ ಕೆಂಪೇಗೌಡರ ಜೀವನ ಮತ್ತು ಸಾಧನೆಗಳ ಕುರಿತು ಉತ್ಸಾಹದಿಂದ ಮಾತನಾಡಿದರು. ವಿಜೇತ ವಿದ್ಯಾರ್ಥಿಗಳಿಗೆ ಬಹುಮಾನ ವಿತರಿಸಲಾಯಿತು. ತೀರ್ಪುಗಾರರಾಗಿ ಶಿಕ್ಷಕರು ಕಾರ್ಯನಿರ್ವಹಿಸಿದರು. ಶಾಲೆಯ ಶಿಕ್ಷಕ ವೃಂದ, ಎಸ್‌ಡಿಎಂಸಿ ಅಧ್ಯಕ್ಷರು, ಸದಸ್ಯರು ಹಾಗೂ ಪೋಷಕರು ಕಾರ್ಯಕ್ರಮದಲ್ಲಿ ಉಪಸ್ಥಿತರಿದ್ದರು. ವಿದ್ಯಾರ್ಥಿಗಳಲ್ಲಿ ವಾಕ್ ಕೌಶಲ್ಯ ಬೆಳೆಸಲು ಇಂತಹ ಸ್ಪರ್ಧೆಗಳು ಸಹಕಾರಿ ಎಂದು ಅಭಿಪ್ರಾಯಪಟ್ಟರು.
ಆರ್‌ಬಿಐ ‘ಚಿನ್ನದ ಖಜಾನೆ’ ಅನಾವರಣ
ನವದೆಹಲಿ: ಭಾರತೀಯ ರಿಸರ್ವ್ ಬ್ಯಾಂಕ್ ತನ್ನ ಚಿನ್ನದ ಮೀಸಲು ಸಂಗ್ರಹಿಸಿಡುವ ಖಜಾನೆಯ ದೃಶ್ಯಗಳನ್ನು ಇದೇ ಮೊದಲ ಬಾರಿಗೆ ಸಾರ್ವಜನಿಕರಿಗೆ ಅನಾವರಣಗೊಳಿಸಿದೆ. ಆರ್‌ಬಿಐ ಕುರಿತಾದ ಸಾಕ್ಷ್ಯಚಿತ್ರದಲ್ಲಿ ಖಜಾನೆಯ ವಿವರಗಳನ್ನು ತೋರಿಸಲಾಗಿದ್ದು, ಬಿಗಿ ಭದ್ರತೆಯ ವ್ಯವಸ್ಥೆಯ ಬಗ್ಗೆಯೂ ಮಾಹಿತಿ ನೀಡಲಾಗಿದೆ. ದೇಶದ ಆರ್ಥಿಕ ಸ್ಥಿರತೆಯಲ್ಲಿ ಚಿನ್ನದ ಮೀಸಲು ಪ್ರಮುಖ ಪಾತ್ರ ವಹಿಸುತ್ತದೆ.
ಬಹಿರಂಗಗೊಳಿಸಿದೆ. ಒಟ್ಟು ವೆಬ್‌ಸರಣಿ ಜಿಯೋ ಹಾಟ್‌ಸ್ಟಾರ್‌ನಲ್ಲಿ 5 ಭಾಗಗಳಲ್ಲಿ ಪ್ರಸಾರವಾಗಲಿದ್ದು, ಆರ್‌ಬಿಐನ ಕಾರ್ಯನಿರ್ವಹಣೆ, ನಗದು ನಿರ್ವಹಣೆ ಮತ್ತು ಚಿನ್ನದ ಸಂಗ್ರಹದ ಕುರಿತು ಮಾಹಿತಿ ನೀಡಲಿದೆ. ಸುಮಾರು 90 ವರ್ಷಗಳ ಇತಿಹಾಸ ಹೊಂದಿರುವ ಆರ್‌ಬಿಐ ತನ್ನ ಕಾರ್ಯವೈಖರಿಯನ್ನು ಜನರಿಗೆ ಪರಿಚಯಿಸಲು ಈ ಪ್ರಯತ್ನ ಕೈಗೊಂಡಿದೆ.
